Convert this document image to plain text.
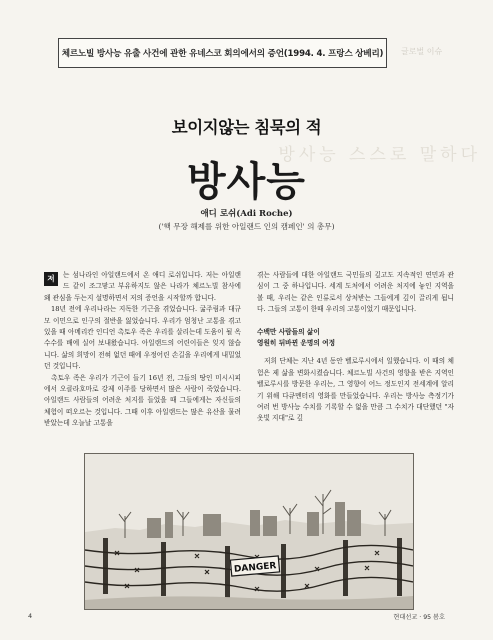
체르노빌 방사능 유출 사건에 관한 유네스코 회의에서의 증언(1994. 4. 프랑스 상베리)	글로벌 이슈
방사능 스스로 말하다
보이지않는 침묵의 적
방사능
애디 로쉬(Adi Roche)
('핵 무장 해제를 위한 아일랜드 인의 캠페인' 의 총무)

저	는 섬나라인 아일랜드에서 온 애디 로쉬입니다. 저는 아일랜드 같이 조그맣고 부유하지도 않은 나라가 체르노빌 참사에 왜 관심을 두는지 설명하면서 저의 증언을 시작할까 합니다.

18년 전에 우리나라는 지독한 기근을 겪었습니다. 굶주림과 대규모 이민으로 인구의 절반을 잃었습니다. 우리가 엄청난 고통을 겪고 있을 때 아메리칸 인디언 촉토우 족은 우리를 살리는데 도움이 될 옥수수를 배에 실어 보내왔습니다. 아일랜드의 어린이들은 잊지 않습니다. 삶의 희망이 전혀 없던 때에 우정어린 손길을 우리에게 내밀었던 것입니다.

촉토우 족은 우리가 기근이 들기 16년 전, 그들의 땅인 미시시피에서 오클라호마로 강제 이주를 당하면서 많은 사람이 죽었습니다. 아일랜드 사람들의 어려운 처지를 들었을 때 그들에게는 자신들의 체험이 떠오르는 것입니다. 그때 이후 아일랜드는 많은 유산을 물려받았는데 오늘날 고통을

겪는 사람들에 대한 아일랜드 국민들의 깊고도 지속적인 연민과 관심이 그 중 하나입니다. 세계 도처에서 어려운 처지에 놓인 지역을 볼 때, 우리는 같은 인류로서 상처받는 그들에게 깊이 끌리게 됩니다. 그들의 고통이 한때 우리의 고통이었기 때문입니다.

수백만 사람들의 삶이
영원히 뒤바뀐 운명의 여정

저희 단체는 지난 4년 동안 벨로루시에서 일했습니다. 이 때의 체험은 제 삶을 변화시켰습니다. 체르노빌 사건의 영향을 받은 지역인 벨로루시를 방문한 우리는, 그 영향이 어느 정도인지 전세계에 알리기 위해 다큐멘터리 영화를 만들었습니다. 우리는 방사능 측정기가 여러 번 방사능 수치를 기록할 수 없을 만큼 그 수치가 대단했던 "자옷빛 지대"로 깊

DANGER
4	현대선교 · 95 봄호
